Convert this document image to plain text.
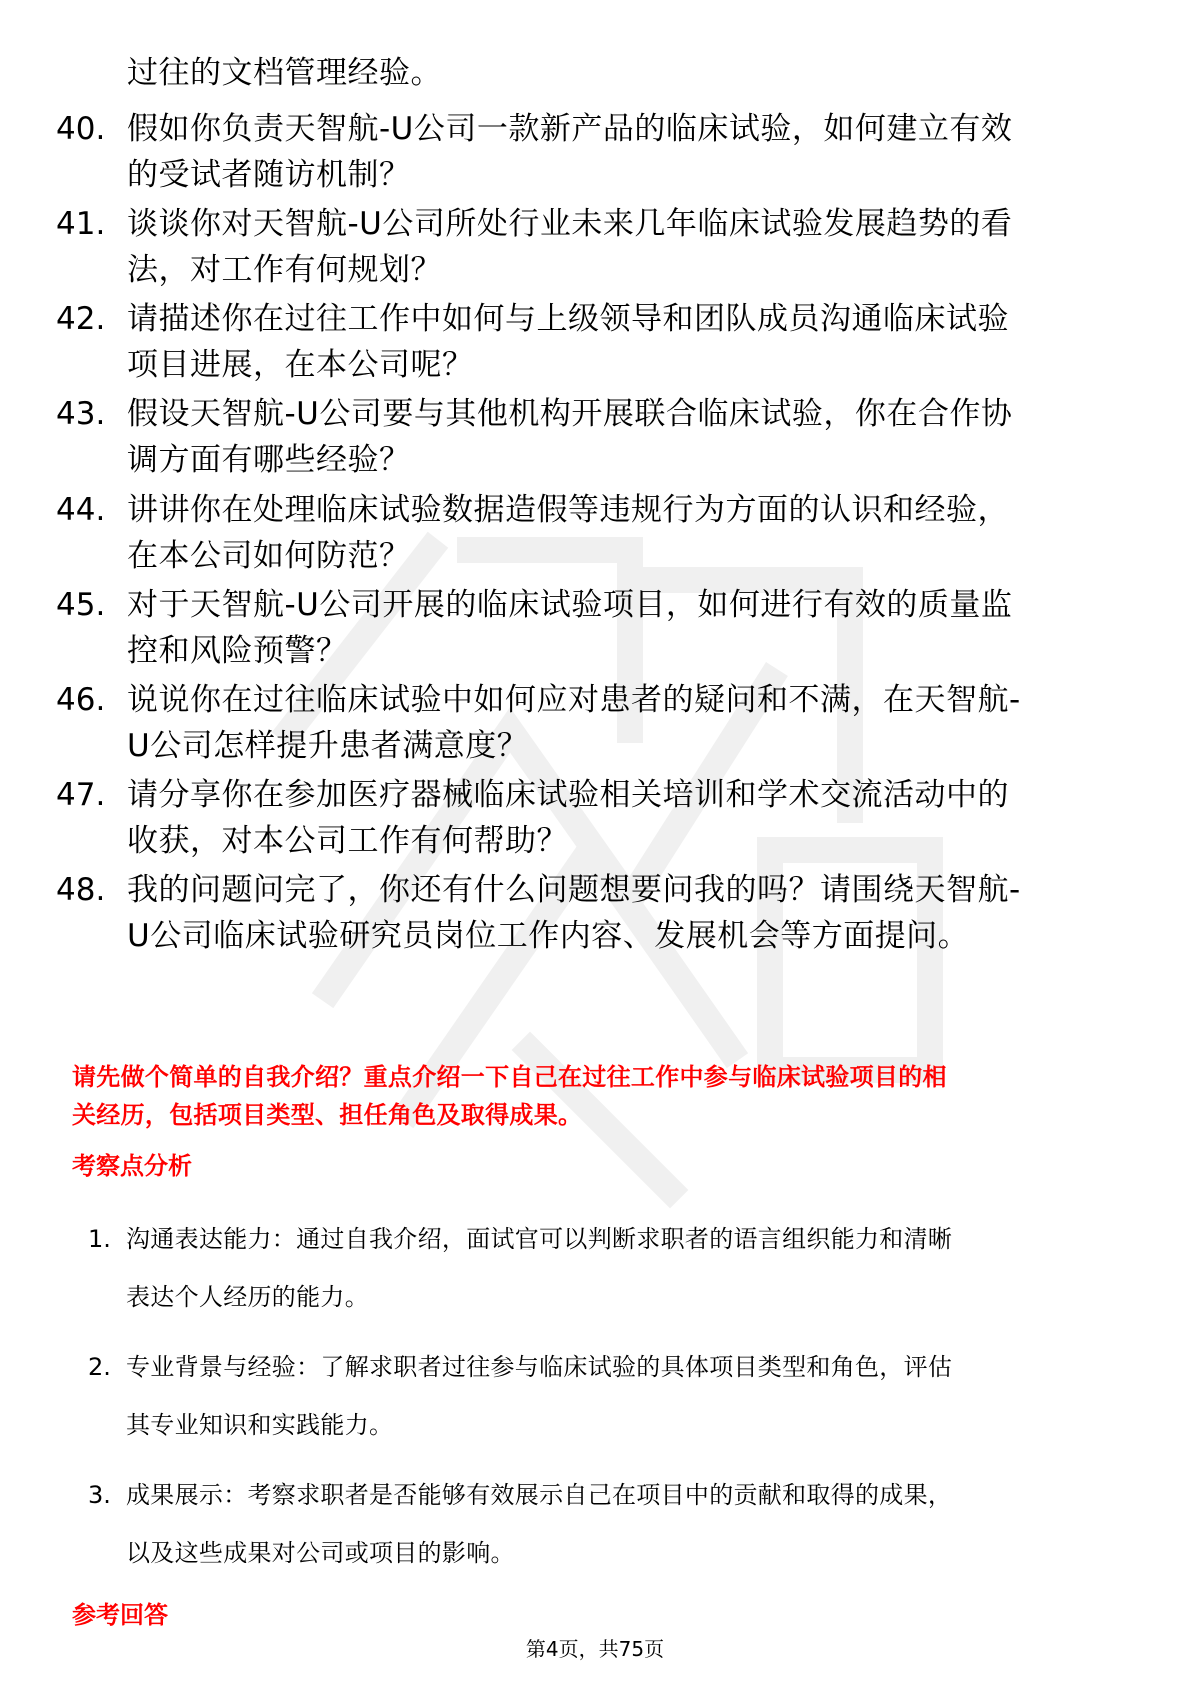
过往的文档管理经验。
40. 假如你负责天智航-U公司一款新产品的临床试验，如何建立有效
的受试者随访机制？
41. 谈谈你对天智航-U公司所处行业未来几年临床试验发展趋势的看
法，对工作有何规划？
42. 请描述你在过往工作中如何与上级领导和团队成员沟通临床试验
项目进展，在本公司呢？
43. 假设天智航-U公司要与其他机构开展联合临床试验，你在合作协
调方面有哪些经验？
44. 讲讲你在处理临床试验数据造假等违规行为方面的认识和经验，
在本公司如何防范？
45. 对于天智航-U公司开展的临床试验项目，如何进行有效的质量监
控和风险预警？
46. 说说你在过往临床试验中如何应对患者的疑问和不满，在天智航-
U公司怎样提升患者满意度？
47. 请分享你在参加医疗器械临床试验相关培训和学术交流活动中的
收获，对本公司工作有何帮助？
48. 我的问题问完了，你还有什么问题想要问我的吗？请围绕天智航-
U公司临床试验研究员岗位工作内容、发展机会等方面提问。
请先做个简单的自我介绍？重点介绍一下自己在过往工作中参与临床试验项目的相
关经历，包括项目类型、担任角色及取得成果。
考察点分析
1. 沟通表达能力：通过自我介绍，面试官可以判断求职者的语言组织能力和清晰
表达个人经历的能力。
2. 专业背景与经验：了解求职者过往参与临床试验的具体项目类型和角色，评估
其专业知识和实践能力。
3. 成果展示：考察求职者是否能够有效展示自己在项目中的贡献和取得的成果，
以及这些成果对公司或项目的影响。
参考回答
第4页，共75页
